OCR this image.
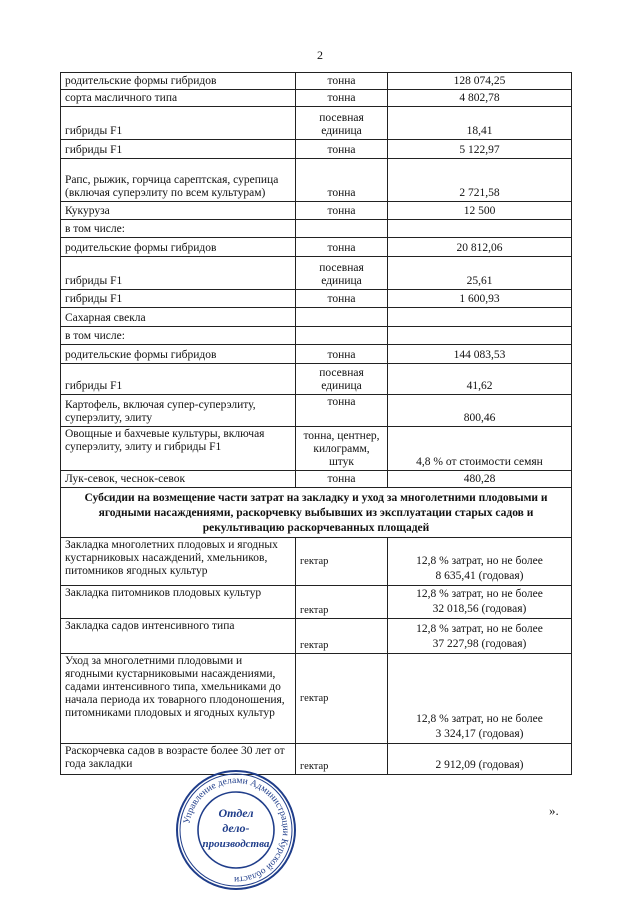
2
родительские формы гибридов	тонна	128 074,25
сорта масличного типа	тонна	4 802,78
гибриды F1	посевная единица	18,41
гибриды F1	тонна	5 122,97
Рапс, рыжик, горчица сарептская, сурепица (включая суперэлиту по всем культурам)	тонна	2 721,58
Кукуруза	тонна	12 500
в том числе:		
родительские формы гибридов	тонна	20 812,06
гибриды F1	посевная единица	25,61
гибриды F1	тонна	1 600,93
Сахарная свекла		
в том числе:		
родительские формы гибридов	тонна	144 083,53
гибриды F1	посевная единица	41,62
Картофель, включая супер-суперэлиту, суперэлиту, элиту	тонна	800,46
Овощные и бахчевые культуры, включая суперэлиту, элиту и гибриды F1	тонна, центнер, килограмм, штук	4,8 % от стоимости семян
Лук-севок, чеснок-севок	тонна	480,28
Субсидии на возмещение части затрат на закладку и уход за многолетними плодовыми и ягодными насаждениями, раскорчевку выбывших из эксплуатации старых садов и рекультивацию раскорчеванных площадей		
Закладка многолетних плодовых и ягодных кустарниковых насаждений, хмельников, питомников ягодных культур	гектар	12,8 % затрат, но не более
8 635,41 (годовая)

Закладка питомников плодовых культур	гектар	12,8 % затрат, но не более
32 018,56 (годовая)

Закладка садов интенсивного типа	гектар	12,8 % затрат, но не более
37 227,98 (годовая)

Уход за многолетними плодовыми и ягодными кустарниковыми насаждениями, садами интенсивного типа, хмельниками до начала периода их товарного плодоношения, питомниками плодовых и ягодных культур	гектар	12,8 % затрат, но не более
3 324,17 (годовая)

Раскорчевка садов в возрасте более 30 лет от года закладки	гектар	2 912,09 (годовая)
».
Управление делами Администрации Курской области
Отдел
дело-
производства
